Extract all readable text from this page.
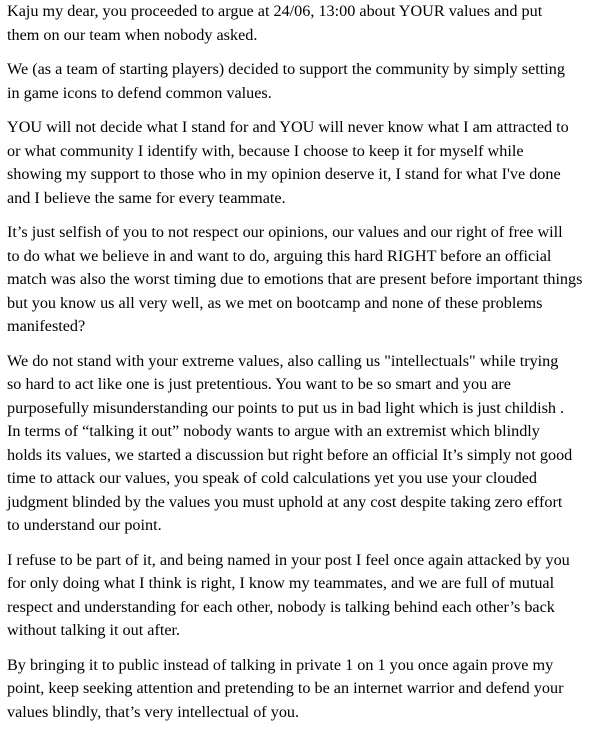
Kaju my dear, you proceeded to argue at 24/06, 13:00 about YOUR values and put
them on our team when nobody asked.

We (as a team of starting players) decided to support the community by simply setting
in game icons to defend common values.

YOU will not decide what I stand for and YOU will never know what I am attracted to
or what community I identify with, because I choose to keep it for myself while
showing my support to those who in my opinion deserve it, I stand for what I've done
and I believe the same for every teammate.

It’s just selfish of you to not respect our opinions, our values and our right of free will
to do what we believe in and want to do, arguing this hard RIGHT before an official
match was also the worst timing due to emotions that are present before important things
but you know us all very well, as we met on bootcamp and none of these problems
manifested?

We do not stand with your extreme values, also calling us "intellectuals" while trying
so hard to act like one is just pretentious. You want to be so smart and you are
purposefully misunderstanding our points to put us in bad light which is just childish .
In terms of “talking it out” nobody wants to argue with an extremist which blindly
holds its values, we started a discussion but right before an official It’s simply not good
time to attack our values, you speak of cold calculations yet you use your clouded
judgment blinded by the values you must uphold at any cost despite taking zero effort
to understand our point.

I refuse to be part of it, and being named in your post I feel once again attacked by you
for only doing what I think is right, I know my teammates, and we are full of mutual
respect and understanding for each other, nobody is talking behind each other’s back
without talking it out after.

By bringing it to public instead of talking in private 1 on 1 you once again prove my
point, keep seeking attention and pretending to be an internet warrior and defend your
values blindly, that’s very intellectual of you.
